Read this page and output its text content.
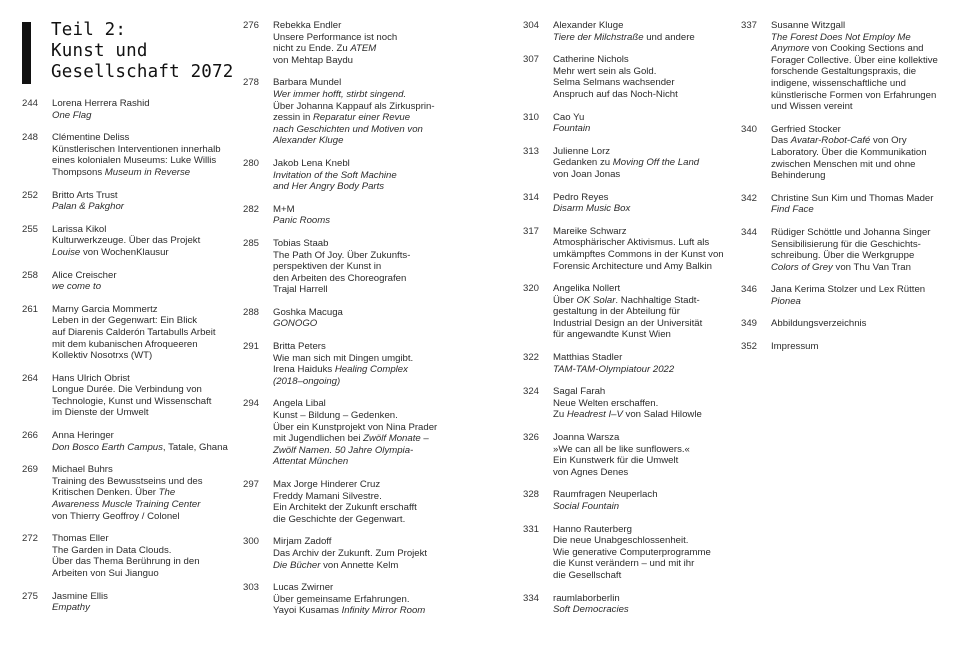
Teil 2:
Kunst und
Gesellschaft 2072
244	Lorena Herrera Rashid
One Flag
248	Clémentine Deliss
Künstlerischen Interventionen innerhalb
eines kolonialen Museums: Luke Willis
Thompsons Museum in Reverse
252	Britto Arts Trust
Palan & Pakghor
255	Larissa Kikol
Kulturwerkzeuge. Über das Projekt
Louise von WochenKlausur
258	Alice Creischer
we come to
261	Marny Garcia Mommertz
Leben in der Gegenwart: Ein Blick
auf Diarenis Calderón Tartabulls Arbeit
mit dem kubanischen Afroqueeren
Kollektiv Nosotrxs (WT)
264	Hans Ulrich Obrist
Longue Durée. Die Verbindung von
Technologie, Kunst und Wissenschaft
im Dienste der Umwelt
266	Anna Heringer
Don Bosco Earth Campus, Tatale, Ghana
269	Michael Buhrs
Training des Bewusstseins und des
Kritischen Denken. Über The
Awareness Muscle Training Center
von Thierry Geoffroy / Colonel
272	Thomas Eller
The Garden in Data Clouds.
Über das Thema Berührung in den
Arbeiten von Sui Jianguo
275	Jasmine Ellis
Empathy
276	Rebekka Endler
Unsere Performance ist noch
nicht zu Ende. Zu ATEM
von Mehtap Baydu
278	Barbara Mundel
Wer immer hofft, stirbt singend.
Über Johanna Kappauf als Zirkusprin-
zessin in Reparatur einer Revue
nach Geschichten und Motiven von
Alexander Kluge
280	Jakob Lena Knebl
Invitation of the Soft Machine
and Her Angry Body Parts
282	M+M
Panic Rooms
285	Tobias Staab
The Path Of Joy. Über Zukunfts-
perspektiven der Kunst in
den Arbeiten des Choreografen
Trajal Harrell
288	Goshka Macuga
GONOGO
291	Britta Peters
Wie man sich mit Dingen umgibt.
Irena Haiduks Healing Complex
(2018–ongoing)
294	Angela Libal
Kunst – Bildung – Gedenken.
Über ein Kunstprojekt von Nina Prader
mit Jugendlichen bei Zwölf Monate –
Zwölf Namen. 50 Jahre Olympia-
Attentat München
297	Max Jorge Hinderer Cruz
Freddy Mamani Silvestre.
Ein Architekt der Zukunft erschafft
die Geschichte der Gegenwart.
300	Mirjam Zadoff
Das Archiv der Zukunft. Zum Projekt
Die Bücher von Annette Kelm
303	Lucas Zwirner
Über gemeinsame Erfahrungen.
Yayoi Kusamas Infinity Mirror Room
304	Alexander Kluge
Tiere der Milchstraße und andere
307	Catherine Nichols
Mehr wert sein als Gold.
Selma Selmans wachsender
Anspruch auf das Noch-Nicht
310	Cao Yu
Fountain
313	Julienne Lorz
Gedanken zu Moving Off the Land
von Joan Jonas
314	Pedro Reyes
Disarm Music Box
317	Mareike Schwarz
Atmosphärischer Aktivismus. Luft als
umkämpftes Commons in der Kunst von
Forensic Architecture und Amy Balkin
320	Angelika Nollert
Über OK Solar. Nachhaltige Stadt-
gestaltung in der Abteilung für
Industrial Design an der Universität
für angewandte Kunst Wien
322	Matthias Stadler
TAM-TAM-Olympiatour 2022
324	Sagal Farah
Neue Welten erschaffen.
Zu Headrest I–V von Salad Hilowle
326	Joanna Warsza
»We can all be like sunflowers.«
Ein Kunstwerk für die Umwelt
von Agnes Denes
328	Raumfragen Neuperlach
Social Fountain
331	Hanno Rauterberg
Die neue Unabgeschlossenheit.
Wie generative Computerprogramme
die Kunst verändern – und mit ihr
die Gesellschaft
334	raumlaborberlin
Soft Democracies
337	Susanne Witzgall
The Forest Does Not Employ Me
Anymore von Cooking Sections and
Forager Collective. Über eine kollektive
forschende Gestaltungspraxis, die
indigene, wissenschaftliche und
künstlerische Formen von Erfahrungen
und Wissen vereint
340	Gerfried Stocker
Das Avatar-Robot-Café von Ory
Laboratory. Über die Kommunikation
zwischen Menschen mit und ohne
Behinderung
342	Christine Sun Kim und Thomas Mader
Find Face
344	Rüdiger Schöttle und Johanna Singer
Sensibilisierung für die Geschichts-
schreibung. Über die Werkgruppe
Colors of Grey von Thu Van Tran
346	Jana Kerima Stolzer und Lex Rütten
Pionea
349	Abbildungsverzeichnis
352	Impressum
